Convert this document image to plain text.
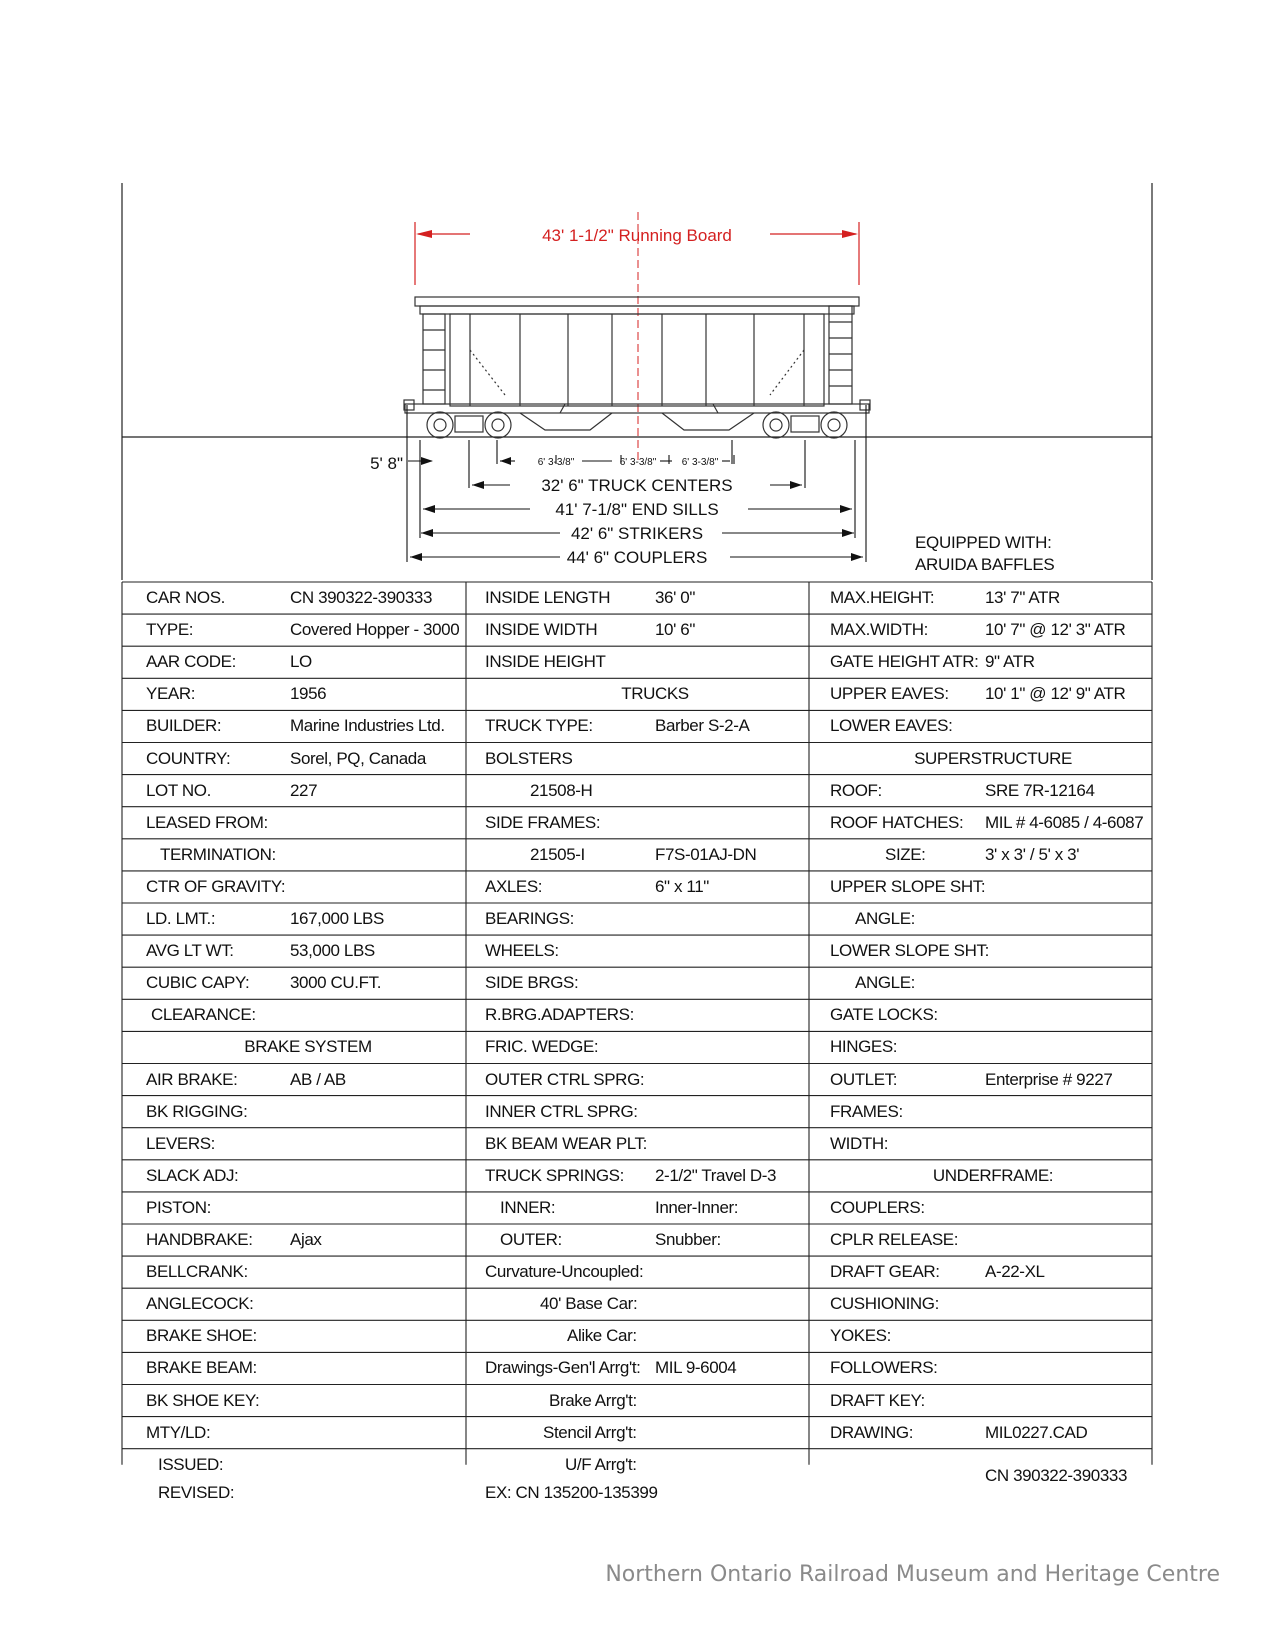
43' 1-1/2" Running Board
5' 8"	6' 3-3/8"	6' 3-3/8"	6' 3-3/8"
32' 6" TRUCK CENTERS
41' 7-1/8" END SILLS
42' 6" STRIKERS
44' 6" COUPLERS
EQUIPPED WITH:
ARUIDA BAFFLES
CAR NOS.	CN 390322-390333
TYPE:	Covered Hopper - 3000
AAR CODE:	LO
YEAR:	1956
BUILDER:	Marine Industries Ltd.
COUNTRY:	Sorel, PQ, Canada
LOT NO.	227
LEASED FROM:
TERMINATION:
CTR OF GRAVITY:
LD. LMT.:	167,000 LBS
AVG LT WT:	53,000 LBS
CUBIC CAPY: 3000 CU.FT.
CLEARANCE:
BRAKE SYSTEM
AIR BRAKE:	AB / AB
BK RIGGING:
LEVERS:
SLACK ADJ:
PISTON:
HANDBRAKE: Ajax
BELLCRANK:
ANGLECOCK:
BRAKE SHOE:
BRAKE BEAM:
BK SHOE KEY:
MTY/LD:
ISSUED:
REVISED:
INSIDE LENGTH	36' 0"
INSIDE WIDTH	10' 6"
INSIDE HEIGHT
TRUCKS
TRUCK TYPE:	Barber S-2-A
BOLSTERS
21508-H
SIDE FRAMES:
21505-I	F7S-01AJ-DN
AXLES:	6" x 11"
BEARINGS:
WHEELS:
SIDE BRGS:
R.BRG.ADAPTERS:
FRIC. WEDGE:
OUTER CTRL SPRG:
INNER CTRL SPRG:
BK BEAM WEAR PLT:
TRUCK SPRINGS: 2-1/2" Travel D-3
INNER:	Inner-Inner:
OUTER:	Snubber:
Curvature-Uncoupled:
40' Base Car:
Alike Car:
Drawings-Gen'l Arrg't: MIL 9-6004
Brake Arrg't:
Stencil Arrg't:
U/F Arrg't:
EX: CN 135200-135399
MAX.HEIGHT:	13' 7" ATR
MAX.WIDTH:	10' 7" @ 12' 3" ATR
GATE HEIGHT ATR: 9" ATR
UPPER EAVES: 10' 1" @ 12' 9" ATR
LOWER EAVES:
SUPERSTRUCTURE
ROOF:	SRE 7R-12164
ROOF HATCHES: MIL # 4-6085 / 4-6087
SIZE:	3' x 3' / 5' x 3'
UPPER SLOPE SHT:
ANGLE:
LOWER SLOPE SHT:
ANGLE:
GATE LOCKS:
HINGES:
OUTLET:	Enterprise # 9227
FRAMES:
WIDTH:
UNDERFRAME:
COUPLERS:
CPLR RELEASE:
DRAFT GEAR:	A-22-XL
CUSHIONING:
YOKES:
FOLLOWERS:
DRAFT KEY:
DRAWING:	MIL0227.CAD
CN 390322-390333
Northern Ontario Railroad Museum and Heritage Centre
